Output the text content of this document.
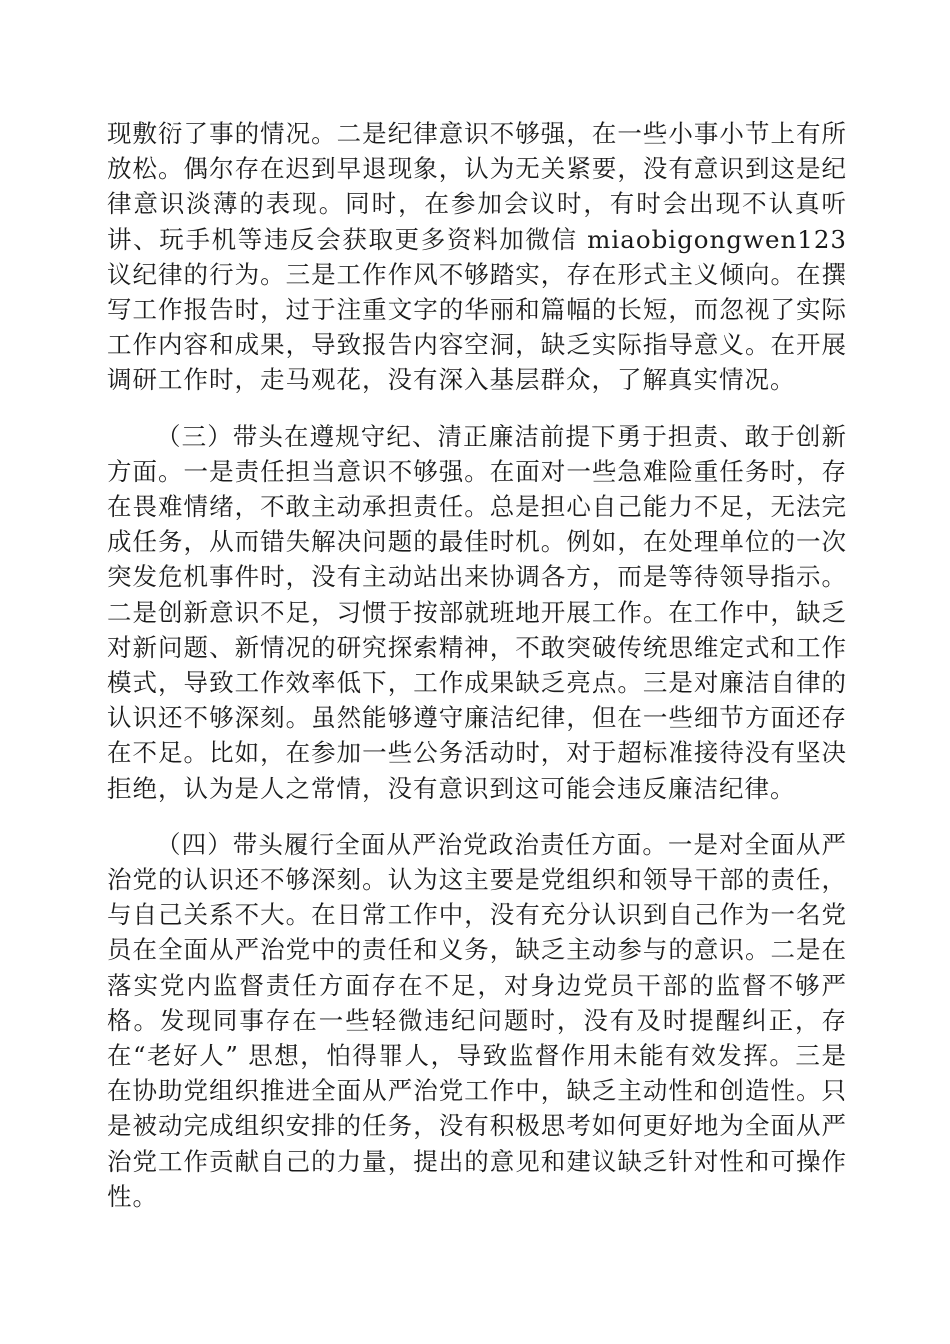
现敷衍了事的情况。二是纪律意识不够强，在一些小事小节上有所放松。偶尔存在迟到早退现象，认为无关紧要，没有意识到这是纪律意识淡薄的表现。同时，在参加会议时，有时会出现不认真听讲、玩手机等违反会获取更多资料加微信 miaobigongwen123 议纪律的行为。三是工作作风不够踏实，存在形式主义倾向。在撰写工作报告时，过于注重文字的华丽和篇幅的长短，而忽视了实际工作内容和成果，导致报告内容空洞，缺乏实际指导意义。在开展调研工作时，走马观花，没有深入基层群众，了解真实情况。

（三）带头在遵规守纪、清正廉洁前提下勇于担责、敢于创新方面。一是责任担当意识不够强。在面对一些急难险重任务时，存在畏难情绪，不敢主动承担责任。总是担心自己能力不足，无法完成任务，从而错失解决问题的最佳时机。例如，在处理单位的一次突发危机事件时，没有主动站出来协调各方，而是等待领导指示。二是创新意识不足，习惯于按部就班地开展工作。在工作中，缺乏对新问题、新情况的研究探索精神，不敢突破传统思维定式和工作模式，导致工作效率低下，工作成果缺乏亮点。三是对廉洁自律的认识还不够深刻。虽然能够遵守廉洁纪律，但在一些细节方面还存在不足。比如，在参加一些公务活动时，对于超标准接待没有坚决拒绝，认为是人之常情，没有意识到这可能会违反廉洁纪律。

（四）带头履行全面从严治党政治责任方面。一是对全面从严治党的认识还不够深刻。认为这主要是党组织和领导干部的责任，与自己关系不大。在日常工作中，没有充分认识到自己作为一名党员在全面从严治党中的责任和义务，缺乏主动参与的意识。二是在落实党内监督责任方面存在不足，对身边党员干部的监督不够严格。发现同事存在一些轻微违纪问题时，没有及时提醒纠正，存在“老好人” 思想，怕得罪人，导致监督作用未能有效发挥。三是在协助党组织推进全面从严治党工作中，缺乏主动性和创造性。只是被动完成组织安排的任务，没有积极思考如何更好地为全面从严治党工作贡献自己的力量，提出的意见和建议缺乏针对性和可操作性。
